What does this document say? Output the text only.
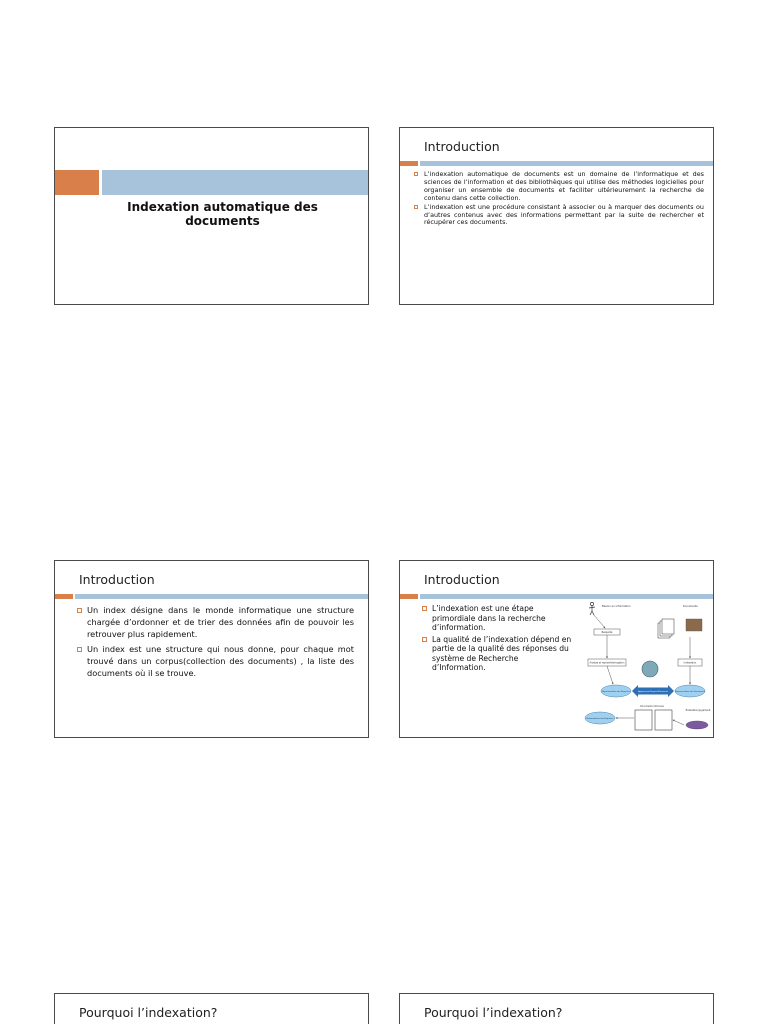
Indexation automatique des documents
Introduction
L’indexation automatique de documents est un domaine de l’informatique et des sciences de l’information et des bibliothèques qui utilise des méthodes logicielles pour organiser un ensemble de documents et faciliter ultérieurement la recherche de contenu dans cette collection.
L’indexation est une procédure consistant à associer ou à marquer des documents ou d’autres contenus avec des informations permettant par la suite de rechercher et récupérer ces documents.
Introduction
Un index désigne dans le monde informatique une structure chargée d’ordonner et de trier des données afin de pouvoir les retrouver plus rapidement.
Un index est une structure qui nous donne, pour chaque mot trouvé dans un corpus(collection des documents) , la liste des documents où il se trouve.
Introduction
L’indexation est une étape primordiale dans la recherche d’information.
La qualité de l’indexation dépend en partie de la qualité des réponses du système de Recherche d’Information.
Besoin en information	Documents
Requête
Analyse et reprise/Interrogation	Indexation
Représentation des Requêtes	Représentation des Documents
Appariement Requête/Document
Documents retrouvés
Reformulation des Requêtes
Évaluation/jugement
Pourquoi l’indexation?	Pourquoi l’indexation?
